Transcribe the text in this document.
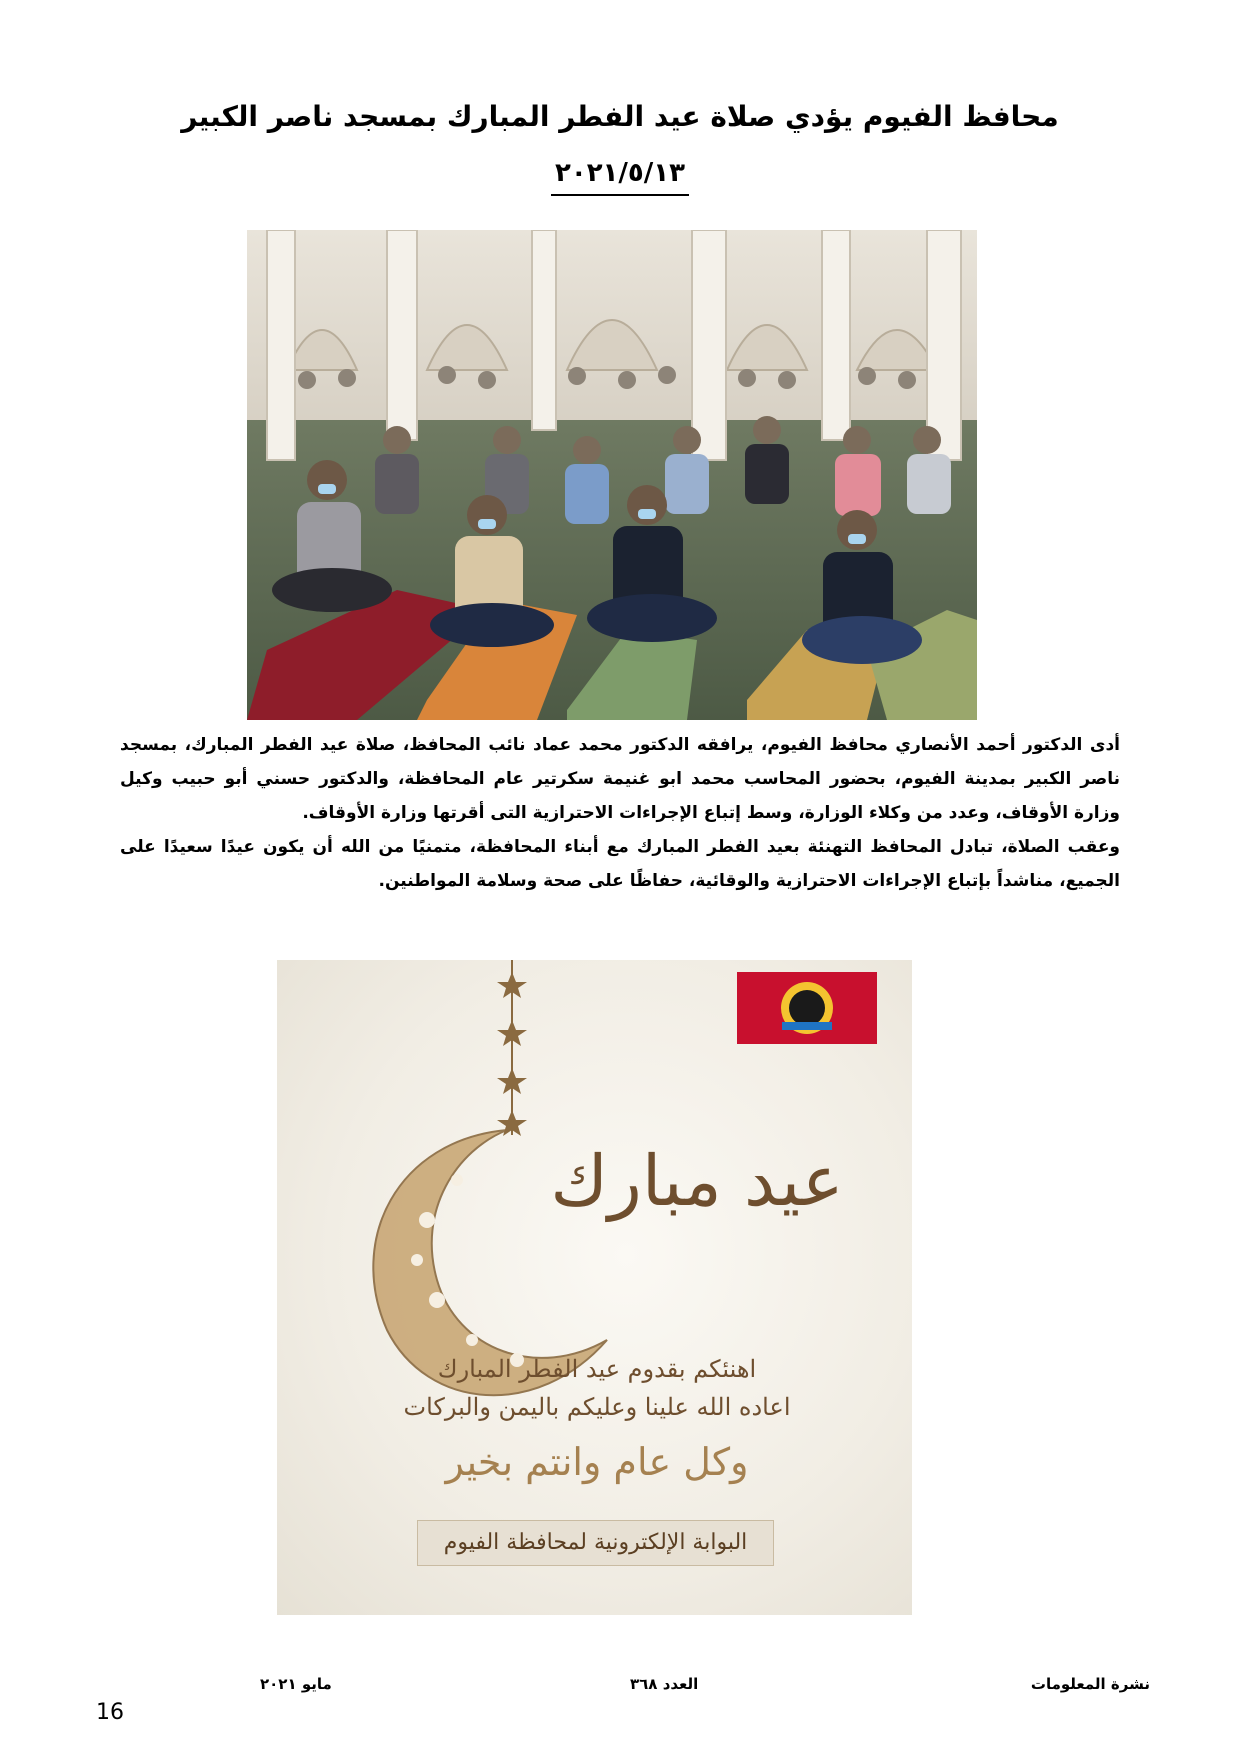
محافظ الفيوم يؤدي صلاة عيد الفطر المبارك بمسجد ناصر الكبير
٢٠٢١/٥/١٣

أدى الدكتور أحمد الأنصاري محافظ الفيوم، يرافقه الدكتور محمد عماد نائب المحافظ، صلاة عيد الفطر المبارك، بمسجد ناصر الكبير بمدينة الفيوم، بحضور المحاسب محمد ابو غنيمة سكرتير عام المحافظة، والدكتور حسني أبو حبيب وكيل وزارة الأوقاف، وعدد من وكلاء الوزارة، وسط إتباع الإجراءات الاحترازية التى أقرتها وزارة الأوقاف.

وعقب الصلاة، تبادل المحافظ التهنئة بعيد الفطر المبارك مع أبناء المحافظة، متمنيًا من الله أن يكون عيدًا سعيدًا على الجميع، مناشداً بإتباع الإجراءات الاحترازية والوقائية، حفاظًا على صحة وسلامة المواطنين.

عيد مبارك
اهنئكم بقدوم عيد الفطر المبارك
اعاده الله علينا وعليكم باليمن والبركات
وكل عام وانتم بخير
البوابة الإلكترونية لمحافظة الفيوم
مايو ٢٠٢١	العدد ٣٦٨	نشرة المعلومات
16
